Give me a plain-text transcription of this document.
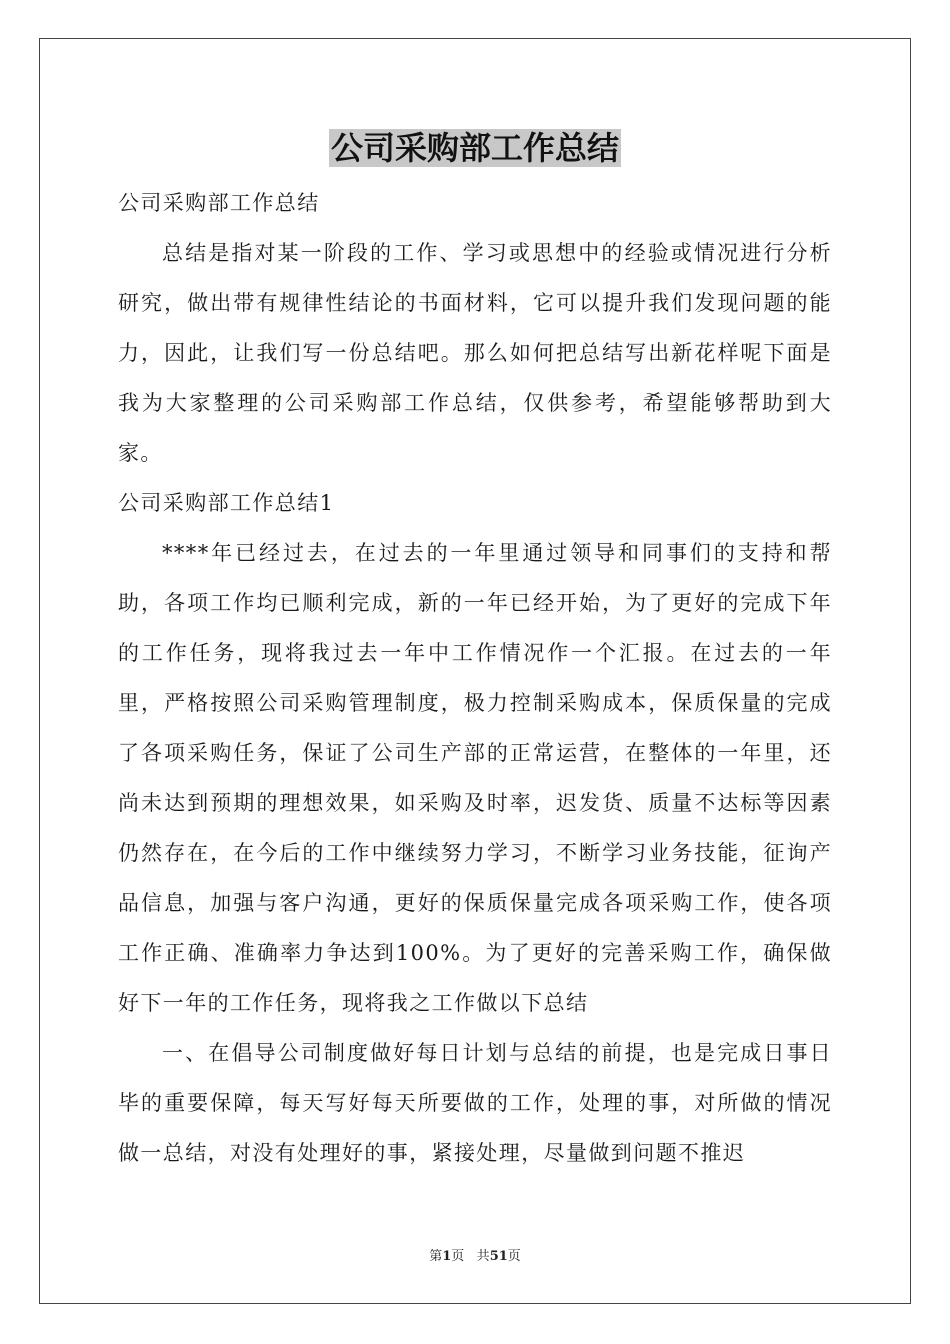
公司采购部工作总结

公司采购部工作总结

总结是指对某一阶段的工作、学习或思想中的经验或情况进行分析研究，做出带有规律性结论的书面材料，它可以提升我们发现问题的能力，因此，让我们写一份总结吧。那么如何把总结写出新花样呢下面是我为大家整理的公司采购部工作总结，仅供参考，希望能够帮助到大家。

公司采购部工作总结1

****年已经过去，在过去的一年里通过领导和同事们的支持和帮助，各项工作均已顺利完成，新的一年已经开始，为了更好的完成下年的工作任务，现将我过去一年中工作情况作一个汇报。在过去的一年里，严格按照公司采购管理制度，极力控制采购成本，保质保量的完成了各项采购任务，保证了公司生产部的正常运营，在整体的一年里，还尚未达到预期的理想效果，如采购及时率，迟发货、质量不达标等因素仍然存在，在今后的工作中继续努力学习，不断学习业务技能，征询产品信息，加强与客户沟通，更好的保质保量完成各项采购工作，使各项工作正确、准确率力争达到100%。为了更好的完善采购工作，确保做好下一年的工作任务，现将我之工作做以下总结

一、在倡导公司制度做好每日计划与总结的前提，也是完成日事日毕的重要保障，每天写好每天所要做的工作，处理的事，对所做的情况做一总结，对没有处理好的事，紧接处理，尽量做到问题不推迟

第1页 共51页
